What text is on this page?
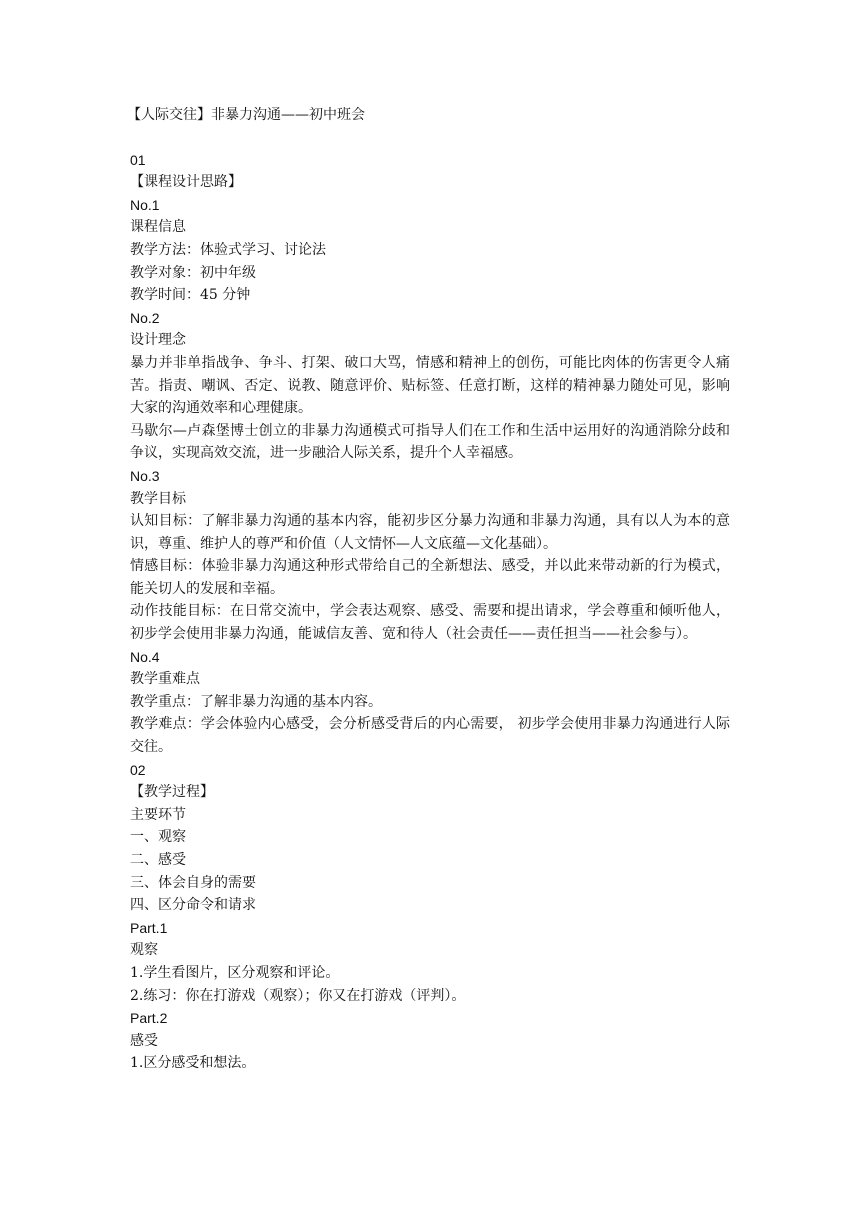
【人际交往】非暴力沟通——初中班会

01

【课程设计思路】

No.1

课程信息

教学方法：体验式学习、讨论法

教学对象：初中年级

教学时间：45 分钟

No.2

设计理念

暴力并非单指战争、争斗、打架、破口大骂，情感和精神上的创伤，可能比肉体的伤害更令人痛苦。指责、嘲讽、否定、说教、随意评价、贴标签、任意打断，这样的精神暴力随处可见，影响大家的沟通效率和心理健康。

马歇尔—卢森堡博士创立的非暴力沟通模式可指导人们在工作和生活中运用好的沟通消除分歧和争议，实现高效交流，进一步融洽人际关系，提升个人幸福感。

No.3

教学目标

认知目标：了解非暴力沟通的基本内容，能初步区分暴力沟通和非暴力沟通，具有以人为本的意识，尊重、维护人的尊严和价值（人文情怀—人文底蕴—文化基础）。

情感目标：体验非暴力沟通这种形式带给自己的全新想法、感受，并以此来带动新的行为模式，能关切人的发展和幸福。

动作技能目标：在日常交流中，学会表达观察、感受、需要和提出请求，学会尊重和倾听他人，初步学会使用非暴力沟通，能诚信友善、宽和待人（社会责任——责任担当——社会参与）。

No.4

教学重难点

教学重点：了解非暴力沟通的基本内容。

教学难点：学会体验内心感受，会分析感受背后的内心需要， 初步学会使用非暴力沟通进行人际交往。

02

【教学过程】

主要环节

一、观察

二、感受

三、体会自身的需要

四、区分命令和请求

Part.1

观察

1.学生看图片，区分观察和评论。

2.练习：你在打游戏（观察）；你又在打游戏（评判）。

Part.2

感受

1.区分感受和想法。
